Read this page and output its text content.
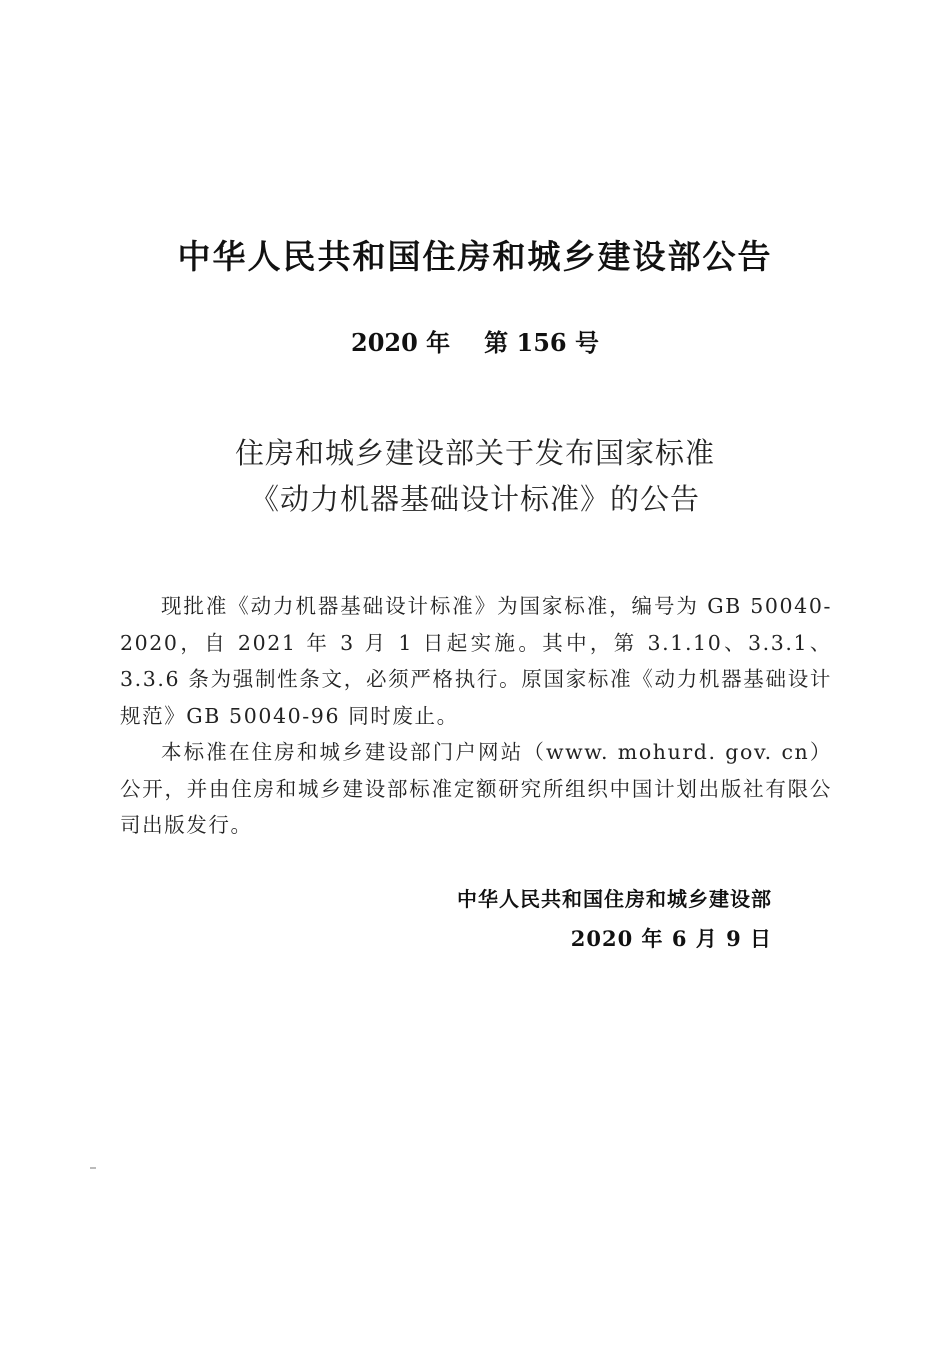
中华人民共和国住房和城乡建设部公告
2020 年 第 156 号
住房和城乡建设部关于发布国家标准
《动力机器基础设计标准》的公告

现批准《动力机器基础设计标准》为国家标准，编号为 GB 50040-2020，自 2021 年 3 月 1 日起实施。其中，第 3.1.10、3.3.1、3.3.6 条为强制性条文，必须严格执行。原国家标准《动力机器基础设计规范》GB 50040-96 同时废止。

本标准在住房和城乡建设部门户网站（www. mohurd. gov. cn）公开，并由住房和城乡建设部标准定额研究所组织中国计划出版社有限公司出版发行。

中华人民共和国住房和城乡建设部
2020 年 6 月 9 日
